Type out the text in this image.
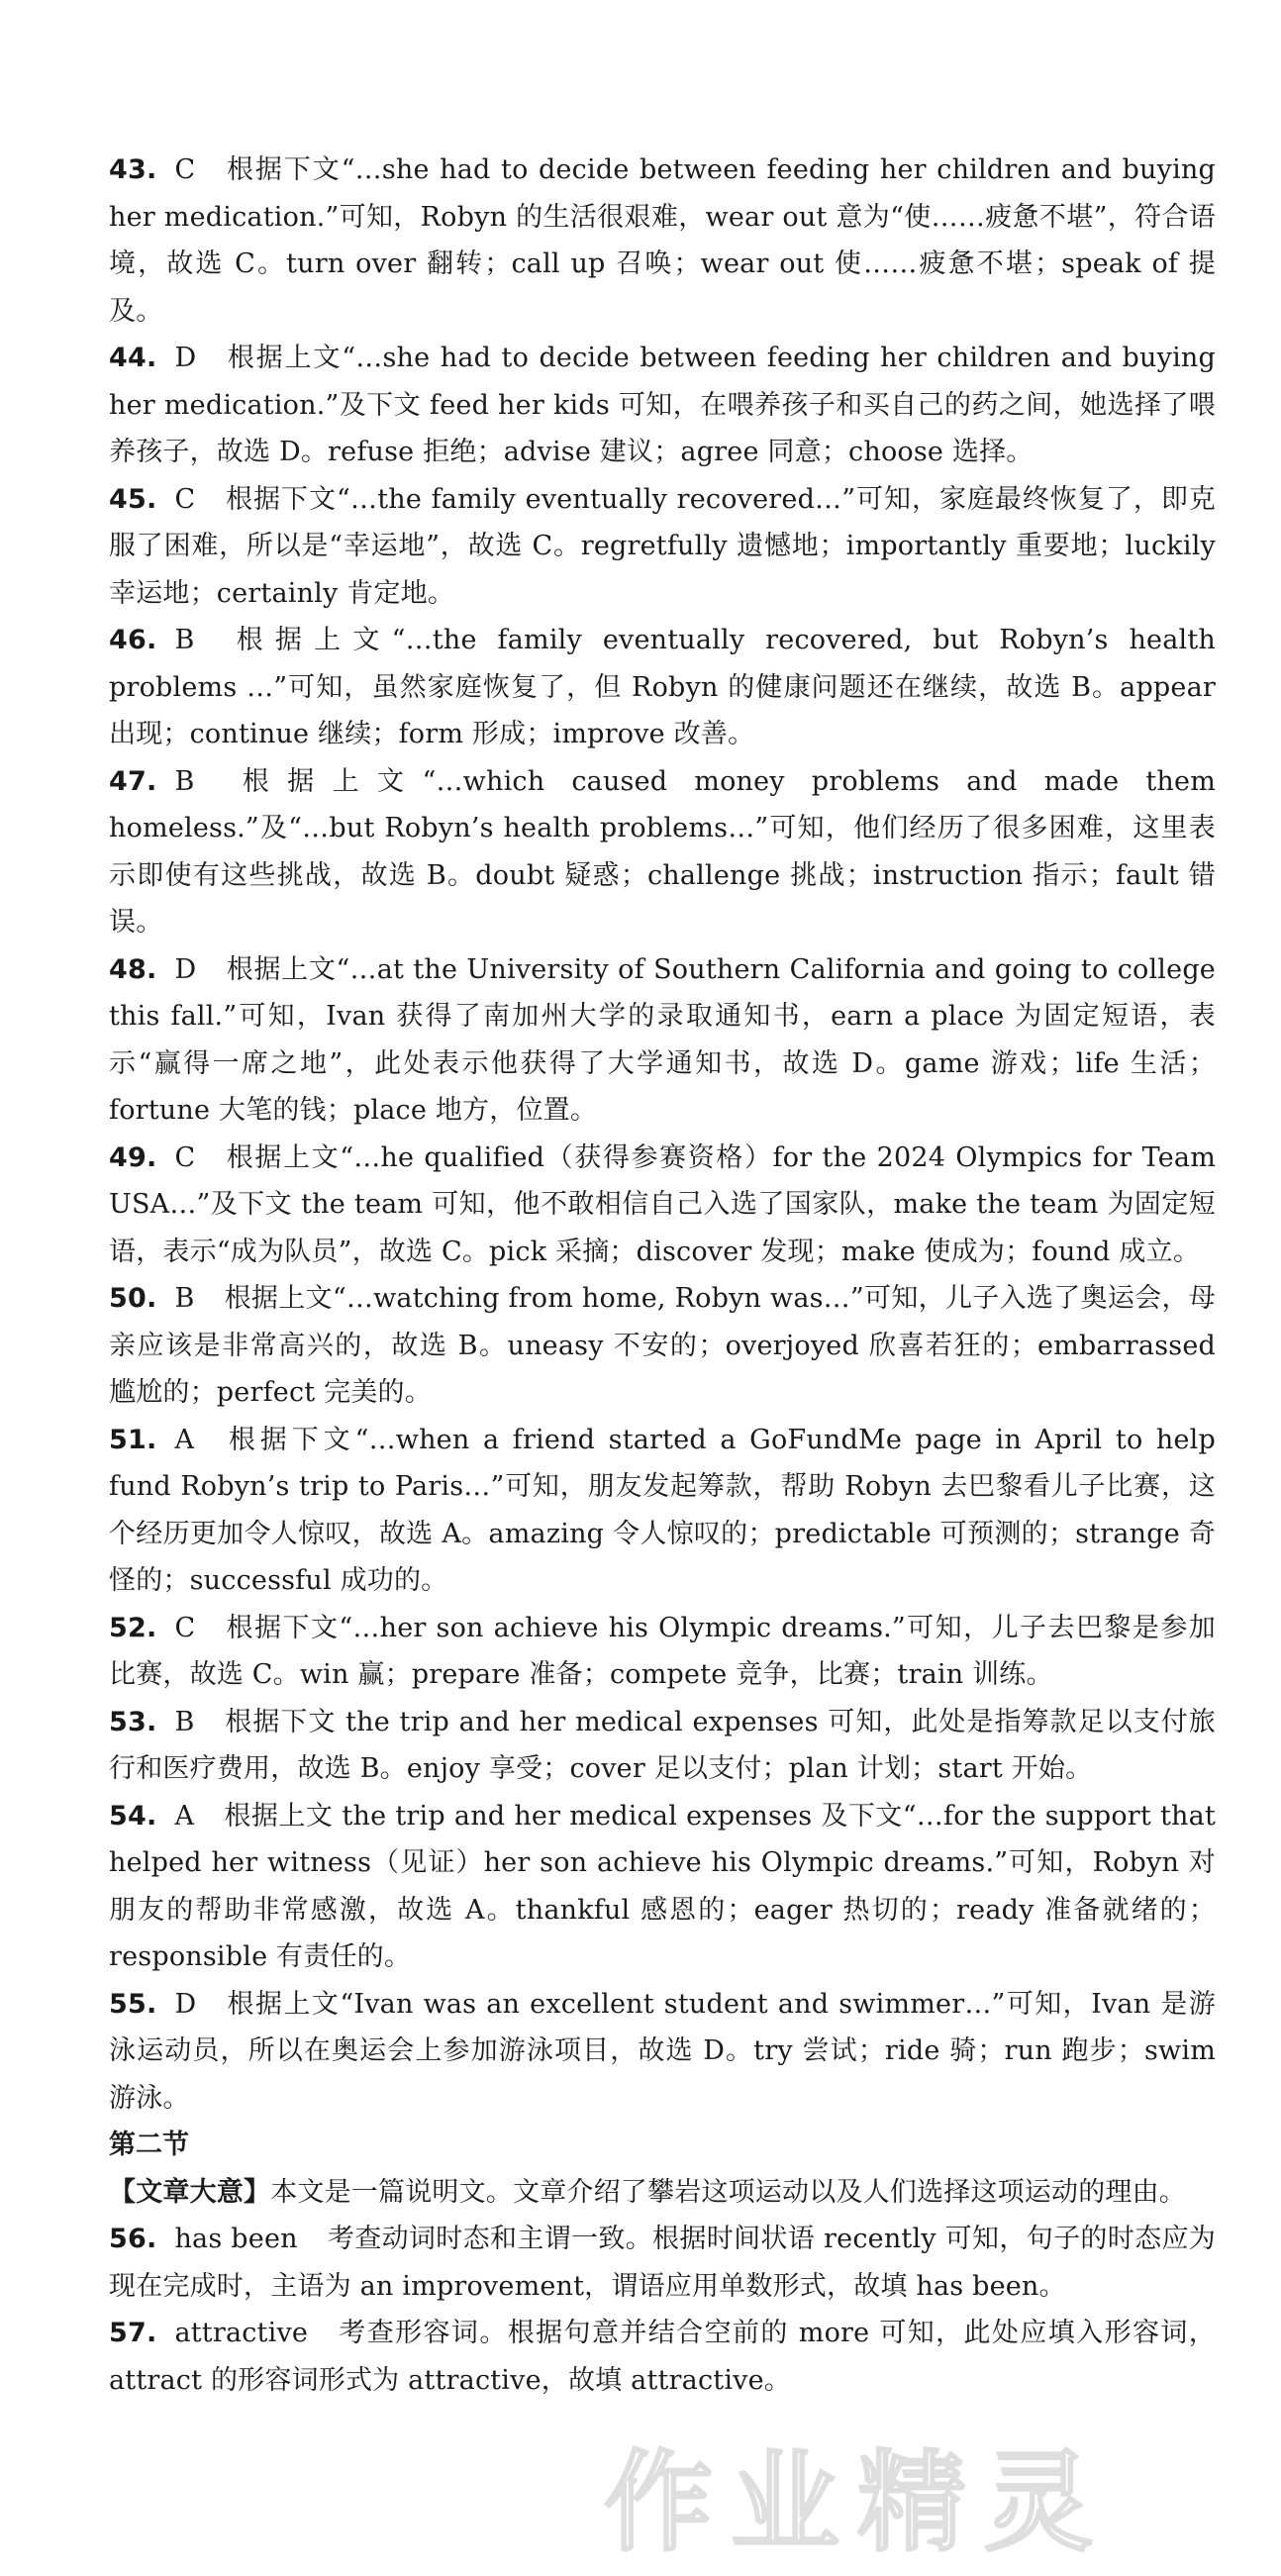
43. C 根据下文“…she had to decide between feeding her children and buying her medication.”可知，Robyn 的生活很艰难，wear out 意为“使……疲惫不堪”，符合语境，故选 C。turn over 翻转；call up 召唤；wear out 使……疲惫不堪；speak of 提及。

44. D 根据上文“…she had to decide between feeding her children and buying her medication.”及下文 feed her kids 可知，在喂养孩子和买自己的药之间，她选择了喂养孩子，故选 D。refuse 拒绝；advise 建议；agree 同意；choose 选择。

45. C 根据下文“…the family eventually recovered…”可知，家庭最终恢复了，即克服了困难，所以是“幸运地”，故选 C。regretfully 遗憾地；importantly 重要地；luckily 幸运地；certainly 肯定地。

46. B 根据上文“…the family eventually recovered, but Robyn’s health problems …”可知，虽然家庭恢复了，但 Robyn 的健康问题还在继续，故选 B。appear 出现；continue 继续；form 形成；improve 改善。

47. B 根据上文“…which caused money problems and made them homeless.”及“…but Robyn’s health problems…”可知，他们经历了很多困难，这里表示即使有这些挑战，故选 B。doubt 疑惑；challenge 挑战；instruction 指示；fault 错误。

48. D 根据上文“…at the University of Southern California and going to college this fall.”可知，Ivan 获得了南加州大学的录取通知书，earn a place 为固定短语，表示“赢得一席之地”，此处表示他获得了大学通知书，故选 D。game 游戏；life 生活；fortune 大笔的钱；place 地方，位置。

49. C 根据上文“…he qualified（获得参赛资格）for the 2024 Olympics for Team USA…”及下文 the team 可知，他不敢相信自己入选了国家队，make the team 为固定短语，表示“成为队员”，故选 C。pick 采摘；discover 发现；make 使成为；found 成立。

50. B 根据上文“…watching from home, Robyn was…”可知，儿子入选了奥运会，母亲应该是非常高兴的，故选 B。uneasy 不安的；overjoyed 欣喜若狂的；embarrassed 尴尬的；perfect 完美的。

51. A 根据下文“…when a friend started a GoFundMe page in April to help fund Robyn’s trip to Paris…”可知，朋友发起筹款，帮助 Robyn 去巴黎看儿子比赛，这个经历更加令人惊叹，故选 A。amazing 令人惊叹的；predictable 可预测的；strange 奇怪的；successful 成功的。

52. C 根据下文“…her son achieve his Olympic dreams.”可知，儿子去巴黎是参加比赛，故选 C。win 赢；prepare 准备；compete 竞争，比赛；train 训练。

53. B 根据下文 the trip and her medical expenses 可知，此处是指筹款足以支付旅行和医疗费用，故选 B。enjoy 享受；cover 足以支付；plan 计划；start 开始。

54. A 根据上文 the trip and her medical expenses 及下文“…for the support that helped her witness（见证）her son achieve his Olympic dreams.”可知，Robyn 对朋友的帮助非常感激，故选 A。thankful 感恩的；eager 热切的；ready 准备就绪的；responsible 有责任的。

55. D 根据上文“Ivan was an excellent student and swimmer…”可知，Ivan 是游泳运动员，所以在奥运会上参加游泳项目，故选 D。try 尝试；ride 骑；run 跑步；swim 游泳。

第二节

【文章大意】本文是一篇说明文。文章介绍了攀岩这项运动以及人们选择这项运动的理由。

56. has been 考查动词时态和主谓一致。根据时间状语 recently 可知，句子的时态应为现在完成时，主语为 an improvement，谓语应用单数形式，故填 has been。

57. attractive 考查形容词。根据句意并结合空前的 more 可知，此处应填入形容词，attract 的形容词形式为 attractive，故填 attractive。

作业精灵
